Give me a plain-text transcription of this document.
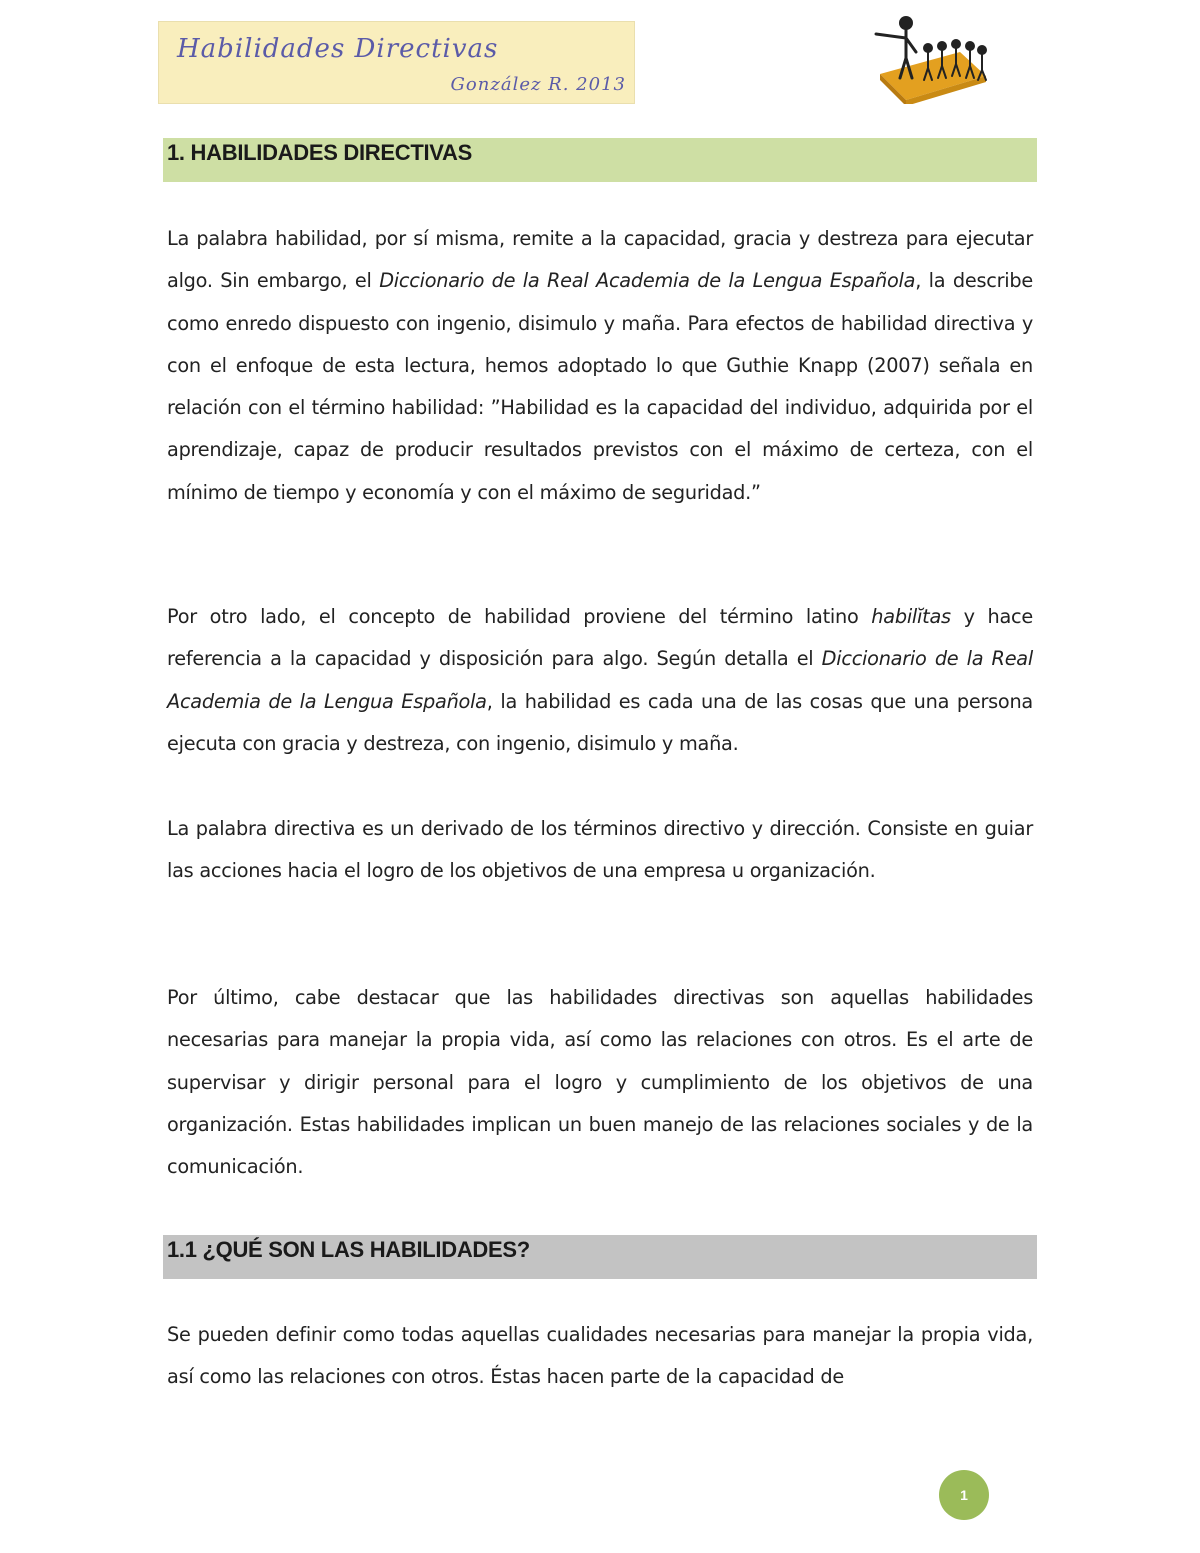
Habilidades Directivas
González R. 2013
1. HABILIDADES DIRECTIVAS

La palabra habilidad, por sí misma, remite a la capacidad, gracia y destreza para ejecutar algo. Sin embargo, el Diccionario de la Real Academia de la Lengua Española, la describe como enredo dispuesto con ingenio, disimulo y maña. Para efectos de habilidad directiva y con el enfoque de esta lectura, hemos adoptado lo que Guthie Knapp (2007) señala en relación con el término habilidad: ”Habilidad es la capacidad del individuo, adquirida por el aprendizaje, capaz de producir resultados previstos con el máximo de certeza, con el mínimo de tiempo y economía y con el máximo de seguridad.”

Por otro lado, el concepto de habilidad proviene del término latino habilĭtas y hace referencia a la capacidad y disposición para algo. Según detalla el Diccionario de la Real Academia de la Lengua Española, la habilidad es cada una de las cosas que una persona ejecuta con gracia y destreza, con ingenio, disimulo y maña.

La palabra directiva es un derivado de los términos directivo y dirección. Consiste en guiar las acciones hacia el logro de los objetivos de una empresa u organización.

Por último, cabe destacar que las habilidades directivas son aquellas habilidades necesarias para manejar la propia vida, así como las relaciones con otros. Es el arte de supervisar y dirigir personal para el logro y cumplimiento de los objetivos de una organización. Estas habilidades implican un buen manejo de las relaciones sociales y de la comunicación.

1.1 ¿QUÉ SON LAS HABILIDADES?

Se pueden definir como todas aquellas cualidades necesarias para manejar la propia vida, así como las relaciones con otros. Éstas hacen parte de la capacidad de

1
